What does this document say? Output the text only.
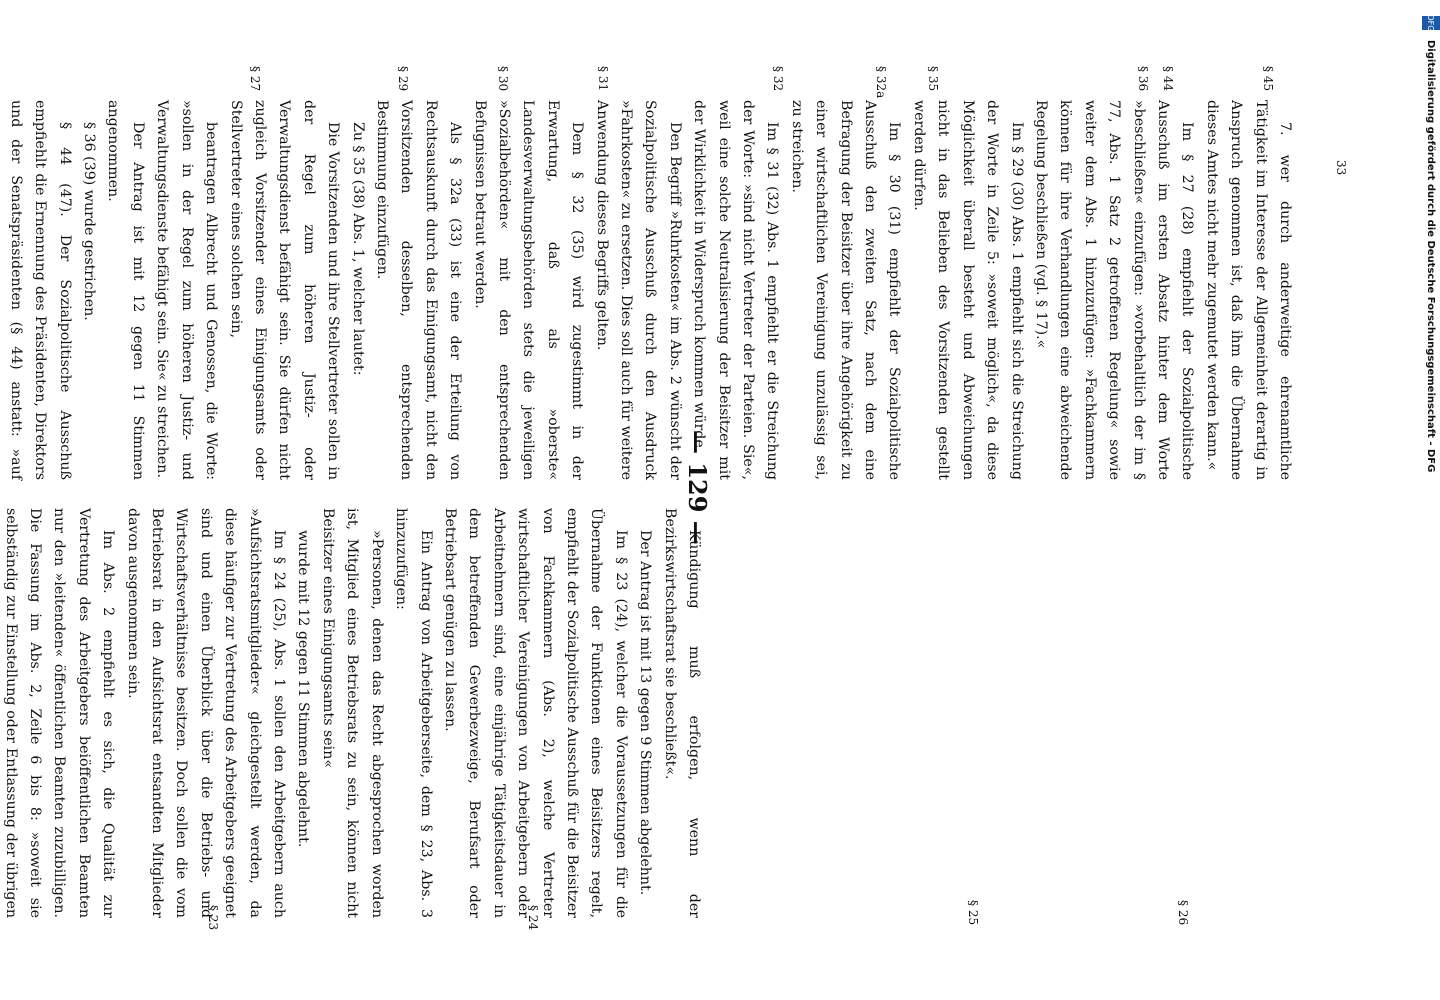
— 129 —

Kündigung muß erfolgen, wenn der Bezirkswirtschaftsrat sie beschließt«.

Der Antrag ist mit 13 gegen 9 Stimmen abgelehnt.

Im § 23 (24), welcher die Voraussetzungen für die Übernahme der Funktionen eines Beisitzers regelt, empfiehlt der Sozialpolitische Ausschuß für die Beisitzer von Fachkammern (Abs. 2), welche Vertreter wirtschaftlicher Vereinigungen von Arbeitgebern oder Arbeitnehmern sind, eine einjährige Tätigkeitsdauer in dem betreffenden Gewerbezweige, Berufsart oder Betriebsart genügen zu lassen.

Ein Antrag von Arbeitgeberseite, dem § 23, Abs. 3 hinzuzufügen:

»Personen, denen das Recht abgesprochen worden ist, Mitglied eines Betriebsrats zu sein, können nicht Beisitzer eines Einigungsamts sein«

wurde mit 12 gegen 11 Stimmen abgelehnt.

Im § 24 (25), Abs. 1 sollen den Arbeitgebern auch »Aufsichtsratsmitglieder« gleichgestellt werden, da diese häufiger zur Vertretung des Arbeitgebers geeignet sind und einen Überblick über die Betriebs- und Wirtschaftsverhältnisse besitzen. Doch sollen die vom Betriebsrat in den Aufsichtsrat entsandten Mitglieder davon ausgenommen sein.

Im Abs. 2 empfiehlt es sich, die Qualität zur Vertretung des Arbeitgebers beiöffentlichen Beamten nur den »leitenden« öffentlichen Beamten zuzubilligen. Die Fassung im Abs. 2, Zeile 6 bis 8: »soweit sie selbständig zur Einstellung oder Entlassung der übrigen

7. wer durch anderweitige ehrenamtliche Tätigkeit im Interesse der Allgemeinheit derartig in Anspruch genommen ist, daß ihm die Übernahme dieses Amtes nicht mehr zugemutet werden kann.«

Im § 27 (28) empfiehlt der Sozialpolitische Ausschuß im ersten Absatz hinter dem Worte »beschließen« einzufügen: »vorbehaltlich der im § 77, Abs. 1 Satz 2 getroffenen Regelung« sowie weiter dem Abs. 1 hinzuzufügen: »Fachkammern können für ihre Verhandlungen eine abweichende Regelung beschließen (vgl. § 17).«

Im § 29 (30) Abs. 1 empfiehlt sich die Streichung der Worte in Zeile 5: »soweit möglich«, da diese Möglichkeit überall besteht und Abweichungen nicht in das Belieben des Vorsitzenden gestellt werden dürfen.

Im § 30 (31) empfiehlt der Sozialpolitische Ausschuß den zweiten Satz, nach dem eine Befragung der Beisitzer über ihre Angehörigkeit zu einer wirtschaftlichen Vereinigung unzulässig sei, zu streichen.

Im § 31 (32) Abs. 1 empfiehlt er die Streichung der Worte: »sind nicht Vertreter der Parteien. Sie«, weil eine solche Neutralisierung der Beisitzer mit der Wirklichkeit in Widerspruch kommen würde.

Den Begriff »Ruhrkosten« im Abs. 2 wünscht der Sozialpolitische Ausschuß durch den Ausdruck »Fahrkosten« zu ersetzen. Dies soll auch für weitere Anwendung dieses Begriffs gelten.

Dem § 32 (35) wird zugestimmt in der Erwartung, daß als »oberste« Landesverwaltungsbehörden stets die jeweiligen »Sozialbehörden« mit den entsprechenden Befugnissen betraut werden.

Als § 32a (33) ist eine der Erteilung von Rechtsauskunft durch das Einigungsamt, nicht den Vorsitzenden desselben, entsprechenden Bestimmung einzufügen.

Zu § 35 (38) Abs. 1, welcher lautet:

Die Vorsitzenden und ihre Stellvertreter sollen in der Regel zum höheren Justiz- oder Verwaltungsdienst befähigt sein. Sie dürfen nicht zugleich Vorsitzender eines Einigungsamts oder Stellvertreter eines solchen sein,

beantragen Albrecht und Genossen, die Worte: »sollen in der Regel zum höheren Justiz- und Verwaltungsdienste befähigt sein. Sie« zu streichen.

Der Antrag ist mit 12 gegen 11 Stimmen angenommen.

§ 36 (39) wurde gestrichen.

§ 44 (47). Der Sozialpolitische Ausschuß empfiehlt die Ernennung des Präsidenten, Direktors und der Senatspräsidenten (§ 44) anstatt: »auf

§ 23	§ 24	§ 25	§ 26
§ 27	§ 29	§ 30	§ 31	§ 32	§ 32a	§ 35	§ 36 § 44	§ 45
33	Digitalisierung gefördert durch die Deutsche Forschungsgemeinschaft - DFG
DFG
